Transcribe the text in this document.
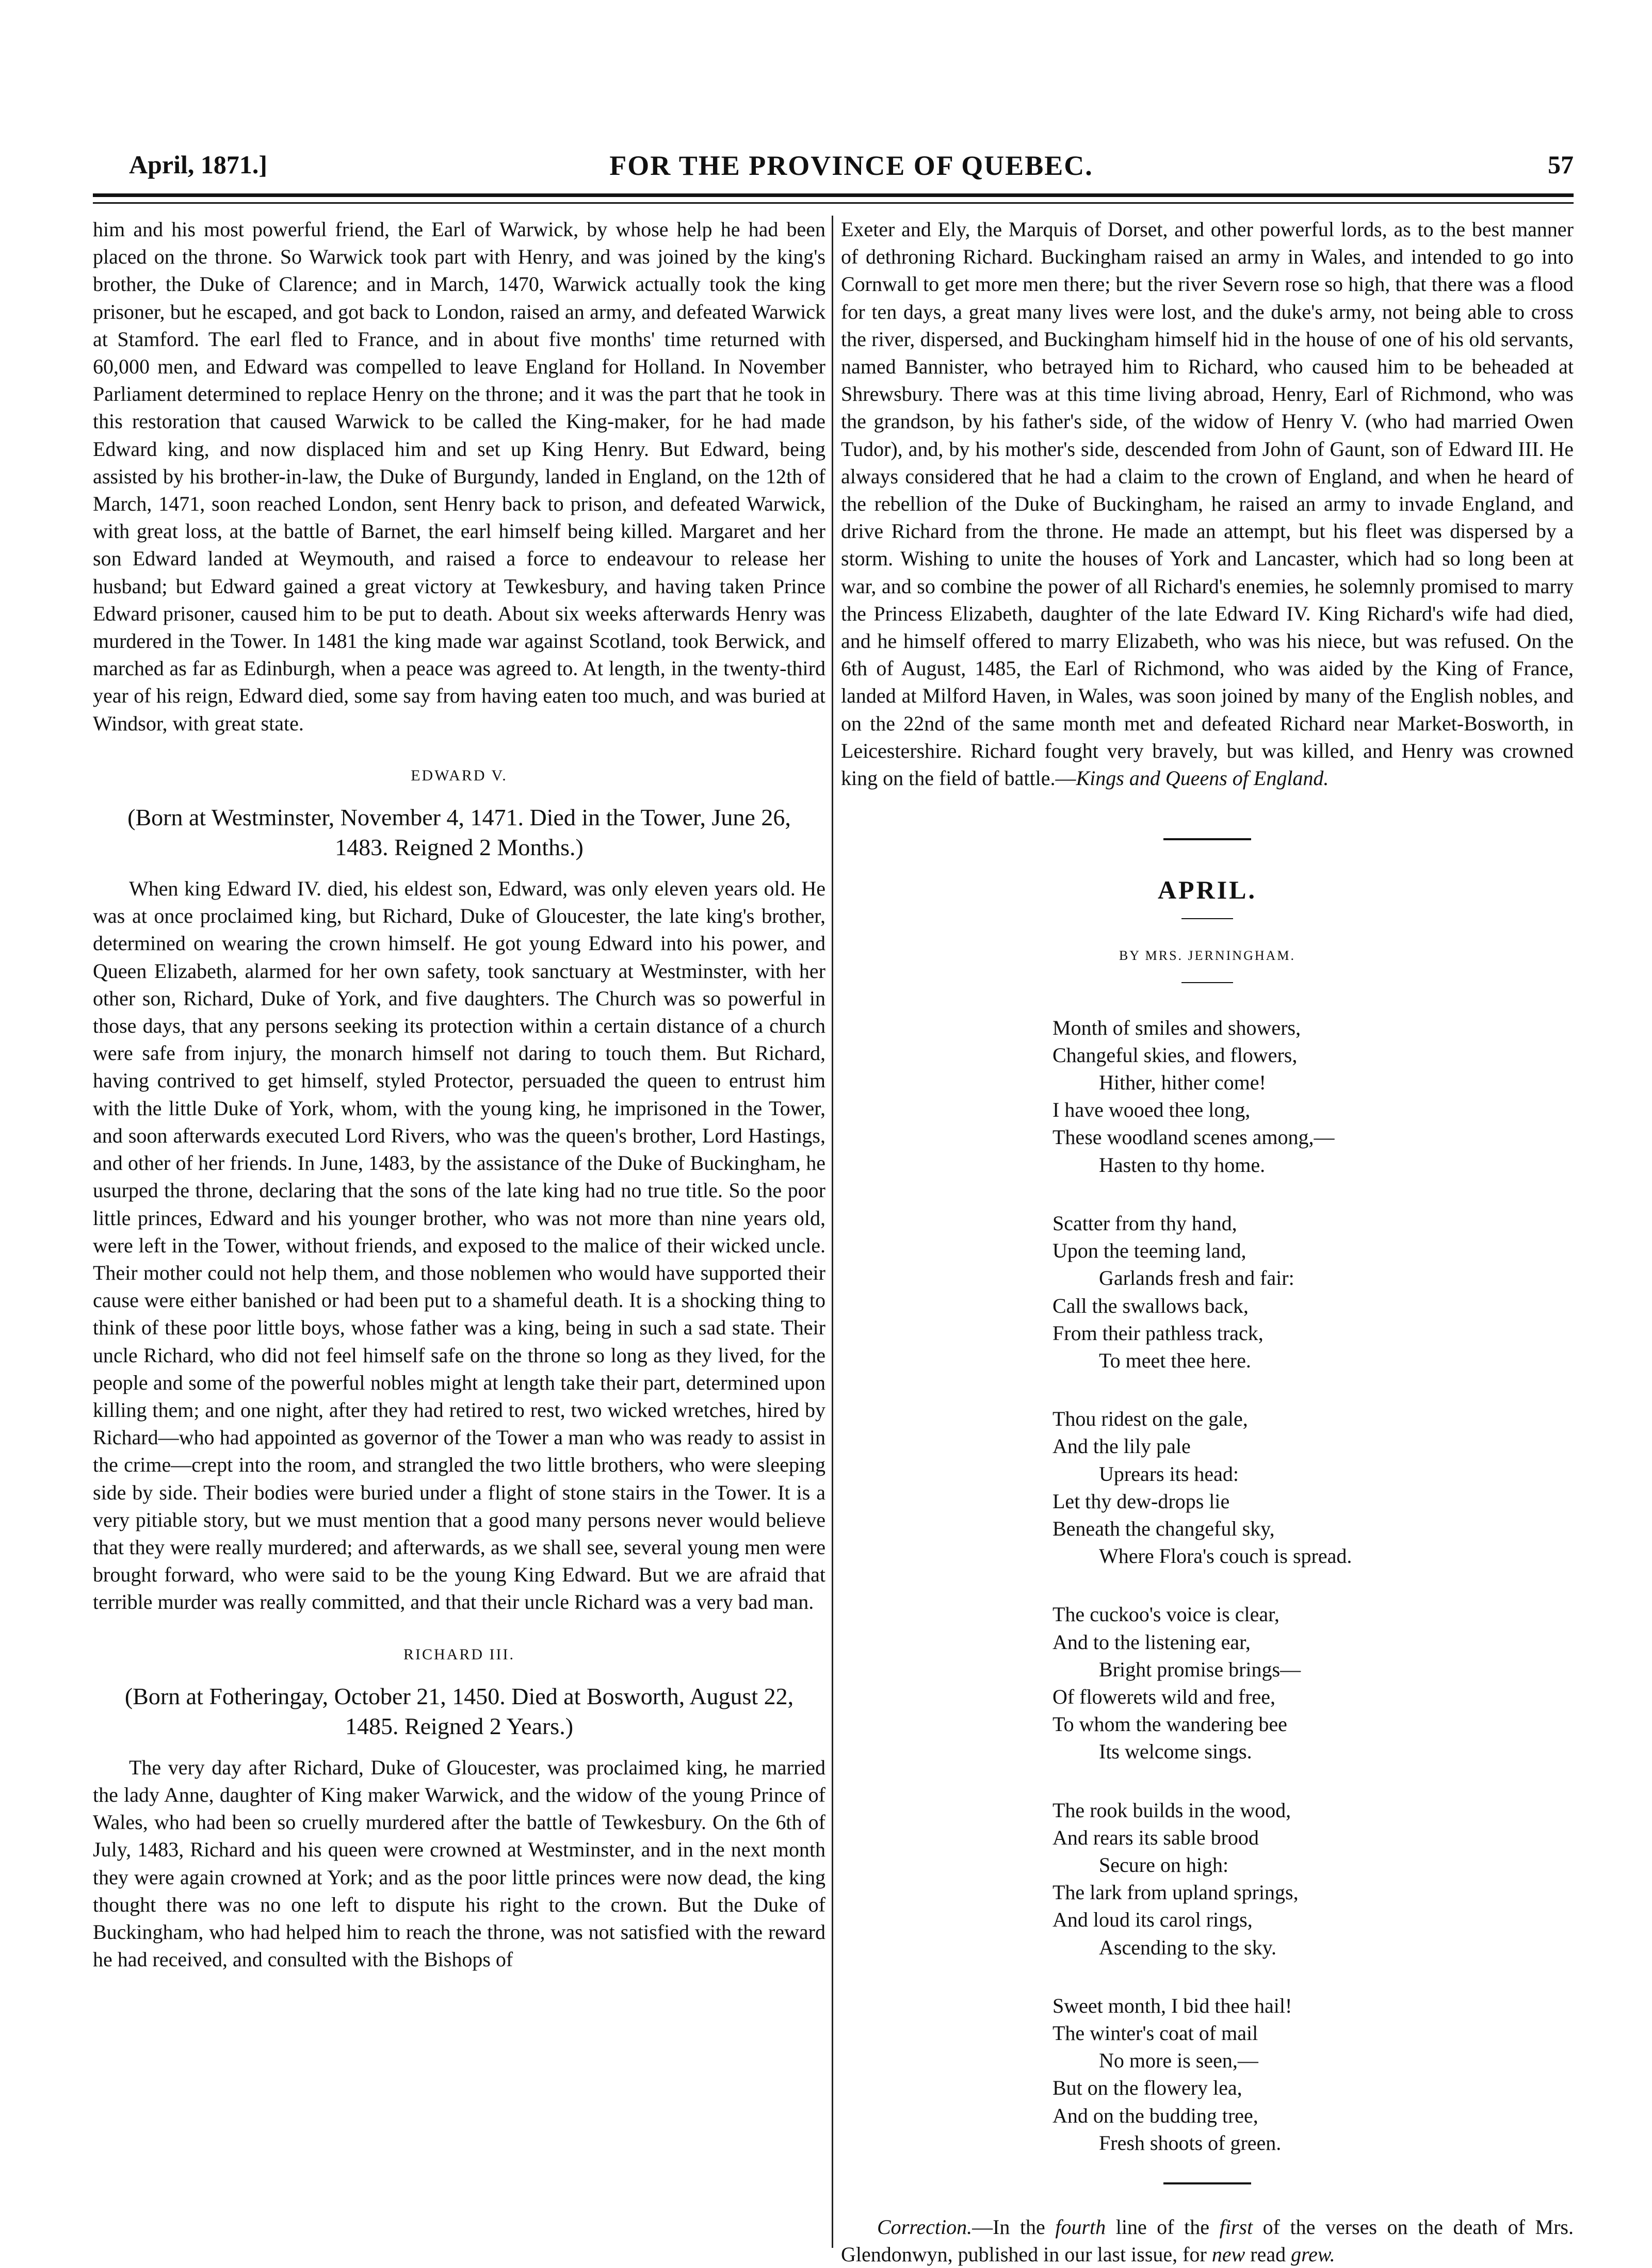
April, 1871.]	FOR THE PROVINCE OF QUEBEC.	57

him and his most powerful friend, the Earl of Warwick, by whose help he had been placed on the throne. So Warwick took part with Henry, and was joined by the king's brother, the Duke of Clarence; and in March, 1470, Warwick actually took the king prisoner, but he escaped, and got back to London, raised an army, and defeated Warwick at Stamford. The earl fled to France, and in about five months' time returned with 60,000 men, and Edward was compelled to leave England for Holland. In November Parliament determined to replace Henry on the throne; and it was the part that he took in this restoration that caused Warwick to be called the King-maker, for he had made Edward king, and now displaced him and set up King Henry. But Edward, being assisted by his brother-in-law, the Duke of Burgundy, landed in England, on the 12th of March, 1471, soon reached London, sent Henry back to prison, and defeated Warwick, with great loss, at the battle of Barnet, the earl himself being killed. Margaret and her son Edward landed at Weymouth, and raised a force to endeavour to release her husband; but Edward gained a great victory at Tewkesbury, and having taken Prince Edward prisoner, caused him to be put to death. About six weeks afterwards Henry was murdered in the Tower. In 1481 the king made war against Scotland, took Berwick, and marched as far as Edinburgh, when a peace was agreed to. At length, in the twenty-third year of his reign, Edward died, some say from having eaten too much, and was buried at Windsor, with great state.

EDWARD V.
(Born at Westminster, November 4, 1471. Died in the Tower, June 26, 1483. Reigned 2 Months.)

When king Edward IV. died, his eldest son, Edward, was only eleven years old. He was at once proclaimed king, but Richard, Duke of Gloucester, the late king's brother, determined on wearing the crown himself. He got young Edward into his power, and Queen Elizabeth, alarmed for her own safety, took sanctuary at Westminster, with her other son, Richard, Duke of York, and five daughters. The Church was so powerful in those days, that any persons seeking its protection within a certain distance of a church were safe from injury, the monarch himself not daring to touch them. But Richard, having contrived to get himself, styled Protector, persuaded the queen to entrust him with the little Duke of York, whom, with the young king, he imprisoned in the Tower, and soon afterwards executed Lord Rivers, who was the queen's brother, Lord Hastings, and other of her friends. In June, 1483, by the assistance of the Duke of Buckingham, he usurped the throne, declaring that the sons of the late king had no true title. So the poor little princes, Edward and his younger brother, who was not more than nine years old, were left in the Tower, without friends, and exposed to the malice of their wicked uncle. Their mother could not help them, and those noblemen who would have supported their cause were either banished or had been put to a shameful death. It is a shocking thing to think of these poor little boys, whose father was a king, being in such a sad state. Their uncle Richard, who did not feel himself safe on the throne so long as they lived, for the people and some of the powerful nobles might at length take their part, determined upon killing them; and one night, after they had retired to rest, two wicked wretches, hired by Richard—who had appointed as governor of the Tower a man who was ready to assist in the crime—crept into the room, and strangled the two little brothers, who were sleeping side by side. Their bodies were buried under a flight of stone stairs in the Tower. It is a very pitiable story, but we must mention that a good many persons never would believe that they were really murdered; and afterwards, as we shall see, several young men were brought forward, who were said to be the young King Edward. But we are afraid that terrible murder was really committed, and that their uncle Richard was a very bad man.

RICHARD III.
(Born at Fotheringay, October 21, 1450. Died at Bosworth, August 22, 1485. Reigned 2 Years.)

The very day after Richard, Duke of Gloucester, was proclaimed king, he married the lady Anne, daughter of King maker Warwick, and the widow of the young Prince of Wales, who had been so cruelly murdered after the battle of Tewkesbury. On the 6th of July, 1483, Richard and his queen were crowned at Westminster, and in the next month they were again crowned at York; and as the poor little princes were now dead, the king thought there was no one left to dispute his right to the crown. But the Duke of Buckingham, who had helped him to reach the throne, was not satisfied with the reward he had received, and consulted with the Bishops of

Exeter and Ely, the Marquis of Dorset, and other powerful lords, as to the best manner of dethroning Richard. Buckingham raised an army in Wales, and intended to go into Cornwall to get more men there; but the river Severn rose so high, that there was a flood for ten days, a great many lives were lost, and the duke's army, not being able to cross the river, dispersed, and Buckingham himself hid in the house of one of his old servants, named Bannister, who betrayed him to Richard, who caused him to be beheaded at Shrewsbury. There was at this time living abroad, Henry, Earl of Richmond, who was the grandson, by his father's side, of the widow of Henry V. (who had married Owen Tudor), and, by his mother's side, descended from John of Gaunt, son of Edward III. He always considered that he had a claim to the crown of England, and when he heard of the rebellion of the Duke of Buckingham, he raised an army to invade England, and drive Richard from the throne. He made an attempt, but his fleet was dispersed by a storm. Wishing to unite the houses of York and Lancaster, which had so long been at war, and so combine the power of all Richard's enemies, he solemnly promised to marry the Princess Elizabeth, daughter of the late Edward IV. King Richard's wife had died, and he himself offered to marry Elizabeth, who was his niece, but was refused. On the 6th of August, 1485, the Earl of Richmond, who was aided by the King of France, landed at Milford Haven, in Wales, was soon joined by many of the English nobles, and on the 22nd of the same month met and defeated Richard near Market-Bosworth, in Leicestershire. Richard fought very bravely, but was killed, and Henry was crowned king on the field of battle.—Kings and Queens of England.

APRIL.
BY MRS. JERNINGHAM.
Month of smiles and showers,
Changeful skies, and flowers,
Hither, hither come!
I have wooed thee long,
These woodland scenes among,—
Hasten to thy home.
Scatter from thy hand,
Upon the teeming land,
Garlands fresh and fair:
Call the swallows back,
From their pathless track,
To meet thee here.
Thou ridest on the gale,
And the lily pale
Uprears its head:
Let thy dew-drops lie
Beneath the changeful sky,
Where Flora's couch is spread.
The cuckoo's voice is clear,
And to the listening ear,
Bright promise brings—
Of flowerets wild and free,
To whom the wandering bee
Its welcome sings.
The rook builds in the wood,
And rears its sable brood
Secure on high:
The lark from upland springs,
And loud its carol rings,
Ascending to the sky.
Sweet month, I bid thee hail!
The winter's coat of mail
No more is seen,—
But on the flowery lea,
And on the budding tree,
Fresh shoots of green.

Correction.—In the fourth line of the first of the verses on the death of Mrs. Glendonwyn, published in our last issue, for new read grew.
